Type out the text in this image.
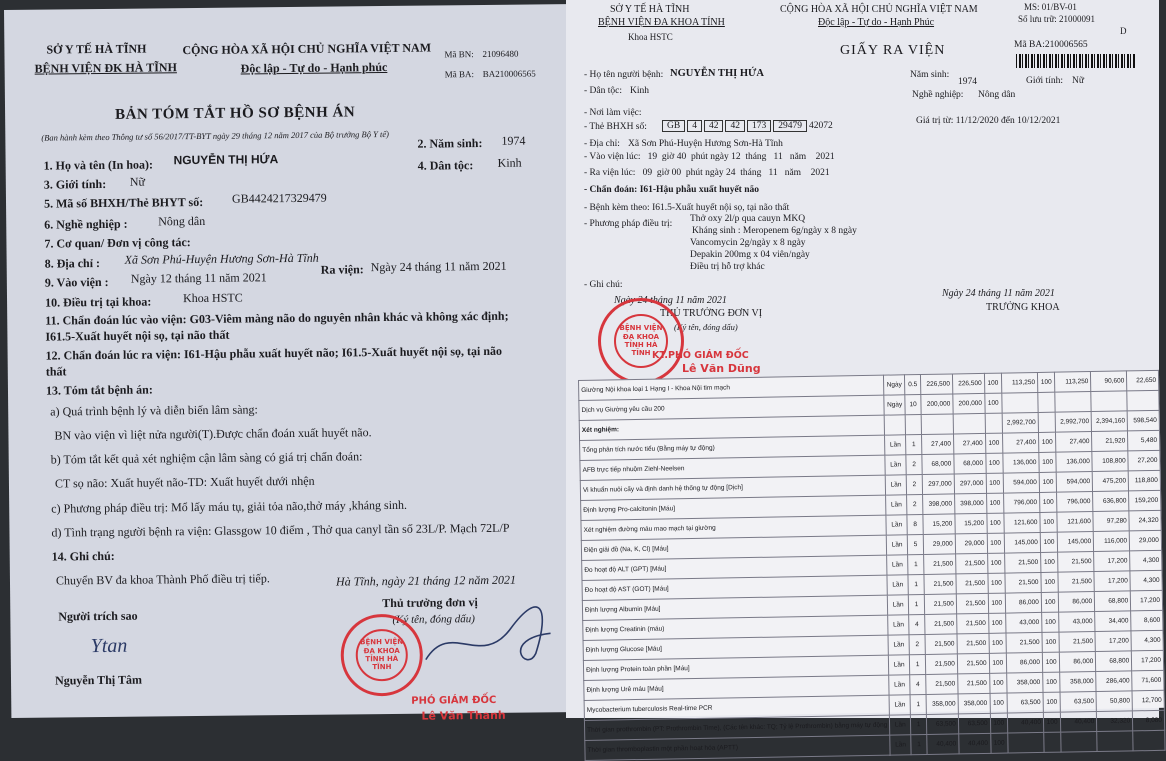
SỞ Y TẾ HÀ TĨNH
BỆNH VIỆN ĐK HÀ TĨNH
CỘNG HÒA XÃ HỘI CHỦ NGHĨA VIỆT NAM
Độc lập - Tự do - Hạnh phúc
Mã BN: 21096480
Mã BA: BA210006565
BẢN TÓM TẮT HỒ SƠ BỆNH ÁN
(Ban hành kèm theo Thông tư số 56/2017/TT-BYT ngày 29 tháng 12 năm 2017 của Bộ trưởng Bộ Y tế)
1. Họ và tên (In hoa): NGUYỄN THỊ HỨA
2. Năm sinh: 1974
3. Giới tính: Nữ
4. Dân tộc: Kinh
5. Mã số BHXH/Thẻ BHYT số: GB4424217329479
6. Nghề nghiệp :	Nông dân
7. Cơ quan/ Đơn vị công tác:
8. Địa chỉ : Xã Sơn Phú-Huyện Hương Sơn-Hà Tĩnh
9. Vào viện : Ngày 12 tháng 11 năm 2021
Ra viện: Ngày 24 tháng 11 năm 2021
10. Điều trị tại khoa:	Khoa HSTC
11. Chẩn đoán lúc vào viện: G03-Viêm màng não do nguyên nhân khác và không xác định;
I61.5-Xuất huyết nội sọ, tại não thất
12. Chẩn đoán lúc ra viện: I61-Hậu phẫu xuất huyết não; I61.5-Xuất huyết nội sọ, tại não
thất
13. Tóm tắt bệnh án:
a) Quá trình bệnh lý và diễn biến lâm sàng:
BN vào viện vì liệt nửa người(T).Được chẩn đoán xuất huyết não.
b) Tóm tắt kết quả xét nghiệm cận lâm sàng có giá trị chẩn đoán:
CT sọ não: Xuất huyết não-TD: Xuất huyết dưới nhện
c) Phương pháp điều trị: Mổ lấy máu tụ, giải tỏa não,thở máy ,kháng sinh.
d) Tình trạng người bệnh ra viện: Glassgow 10 điểm , Thở qua canyl tần số 23L/P. Mạch 72L/P
14. Ghi chú:
Chuyển BV đa khoa Thành Phố điều trị tiếp.	Hà Tĩnh, ngày 21 tháng 12 năm 2021
Thủ trưởng đơn vị
(Ký tên, đóng dấu)
Người trích sao
Ytan
Nguyễn Thị Tâm
BỆNH VIỆN ĐA KHOA TỈNH HÀ TĨNH
PHÓ GIÁM ĐỐC
Lê Văn Thanh
SỞ Y TẾ HÀ TĨNH
BỆNH VIỆN ĐA KHOA TỈNH
Khoa HSTC
CỘNG HÒA XÃ HỘI CHỦ NGHĨA VIỆT NAM
Độc lập - Tự do - Hạnh Phúc
MS: 01/BV-01
Số lưu trữ: 21000091
D
GIẤY RA VIỆN	Mã BA:210006565
- Họ tên người bệnh: NGUYỄN THỊ HỨA	Năm sinh:
1974	Giới tính: Nữ
- Dân tộc: Kinh	Nghề nghiệp: Nông dân
- Nơi làm việc:
- Thẻ BHXH số:	GB 4 42 42 173 29479 42072	Giá trị từ: 11/12/2020 đến 10/12/2021
- Địa chỉ: Xã Sơn Phú-Huyện Hương Sơn-Hà Tĩnh
- Vào viện lúc:   19  giờ 40  phút ngày 12  tháng   11   năm    2021
- Ra viện lúc:   09  giờ 00  phút ngày 24  tháng   11   năm    2021
- Chẩn đoán: I61-Hậu phẫu xuất huyết não
- Bệnh kèm theo: I61.5-Xuất huyết nội sọ, tại não thất
- Phương pháp điều trị: Thở oxy 2l/p qua cauyn MKQ
Kháng sinh : Meropenem 6g/ngày x 8 ngày
Vancomycin 2g/ngày x 8 ngày
Depakin 200mg x 04 viên/ngày
Điều trị hỗ trợ khác
- Ghi chú:
Ngày 24 tháng 11 năm 2021
Ngày 24 tháng 11 năm 2021
THỦ TRƯỞNG ĐƠN VỊ
(Ký tên, đóng dấu)
TRƯỞNG KHOA
BỆNH VIỆN ĐA KHOA TỈNH HÀ TĨNH KT.PHÓ GIÁM ĐỐC
Lê Văn Dũng
Giường Nội khoa loại 1 Hạng I - Khoa Nội tim mạch	Ngày	0.5	226,500	226,500	100	113,250	100	113,250	90,600	22,650
Dịch vụ Giường yêu cầu 200	Ngày	10	200,000	200,000	100					
Xét nghiệm:						2,992,700		2,992,700	2,394,160	598,540
Tổng phân tích nước tiểu (Bằng máy tự động)	Lần	1	27,400	27,400	100	27,400	100	27,400	21,920	5,480
AFB trực tiếp nhuộm Ziehl-Neelsen	Lần	2	68,000	68,000	100	136,000	100	136,000	108,800	27,200
Vi khuẩn nuôi cấy và định danh hệ thống tự động [Dịch]	Lần	2	297,000	297,000	100	594,000	100	594,000	475,200	118,800
Định lượng Pro-calcitonin [Máu]	Lần	2	398,000	398,000	100	796,000	100	796,000	636,800	159,200
Xét nghiệm đường máu mao mạch tại giường	Lần	8	15,200	15,200	100	121,600	100	121,600	97,280	24,320
Điện giải đồ (Na, K, Cl) [Máu]	Lần	5	29,000	29,000	100	145,000	100	145,000	116,000	29,000
Đo hoạt độ ALT (GPT) [Máu]	Lần	1	21,500	21,500	100	21,500	100	21,500	17,200	4,300
Đo hoạt độ AST (GOT) [Máu]	Lần	1	21,500	21,500	100	21,500	100	21,500	17,200	4,300
Định lượng Albumin [Máu]	Lần	1	21,500	21,500	100	86,000	100	86,000	68,800	17,200
Định lượng Creatinin (máu)	Lần	4	21,500	21,500	100	43,000	100	43,000	34,400	8,600
Định lượng Glucose [Máu]	Lần	2	21,500	21,500	100	21,500	100	21,500	17,200	4,300
Định lượng Protein toàn phần [Máu]	Lần	1	21,500	21,500	100	86,000	100	86,000	68,800	17,200
Định lượng Urê máu [Máu]	Lần	4	21,500	21,500	100	358,000	100	358,000	286,400	71,600
Mycobacterium tuberculosis Real-time PCR	Lần	1	358,000	358,000	100	63,500	100	63,500	50,800	12,700
Thời gian prothrombin (PT: Prothrombin Time), (Các tên khác: TQ; Tỷ lệ Prothrombin) bằng máy tự động	Lần	1	63,500	63,500	100	40,400	100	40,400	32,320	8,080
Thời gian thromboplastin một phần hoạt hóa (APTT)	Lần	1	40,400	40,400	100					
